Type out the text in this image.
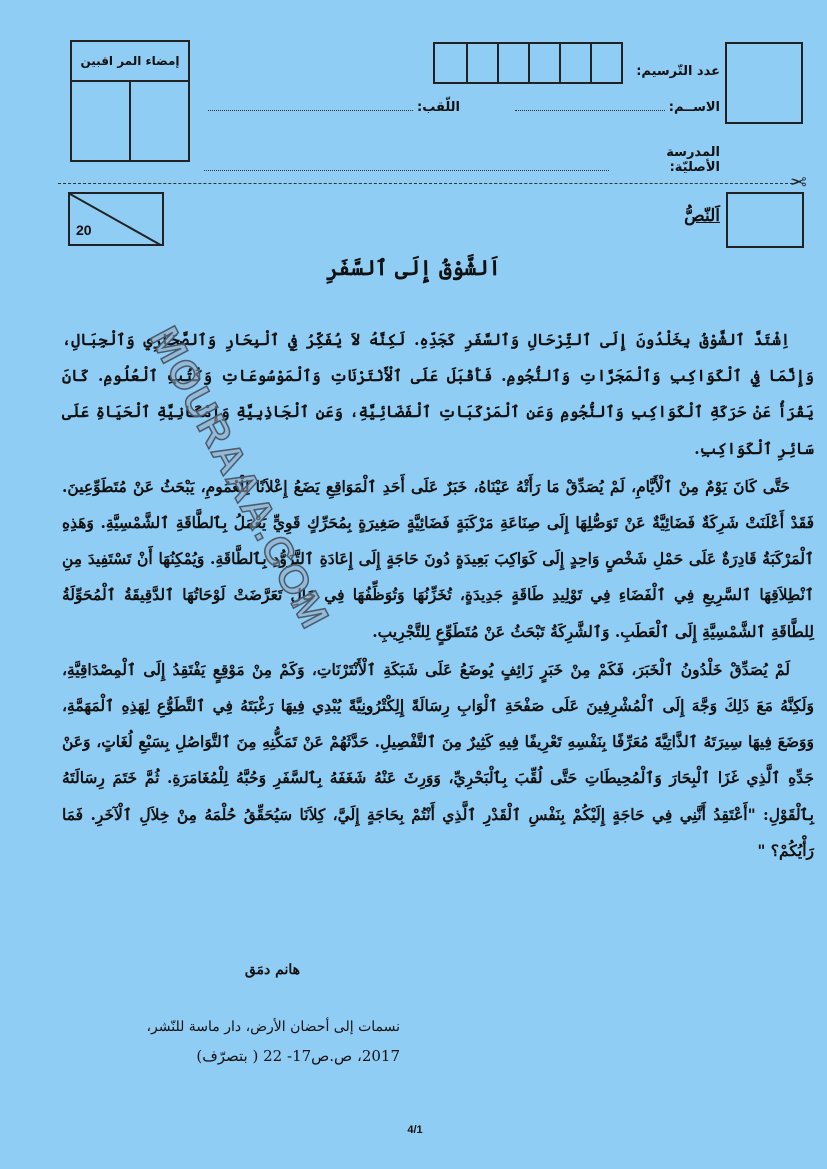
عدد التّرسيم:
الاســم:
اللّقب:
المدرسة الأصليّة:
إمضاء المر اقبين
✂
20
اَلنّصُّ
اَلشَّوْقُ إِلَى ٱلسَّفَرِ

اِشْتَدَّ ٱلشَّوْقُ بِخَلْدُونَ إِلَى ٱلتِّرْحَالِ وَٱلسَّفَرِ كَجَدِّهِ. لَكِنَّهُ لاَ يُفَكِّرُ فِي ٱلْبِحَارِ وَٱلصَّحَارِي وَٱلْجِبَالِ، وَإِنَّمَا فِي ٱلْكَوَاكِبِ وَٱلْمَجَرَّاتِ وَٱلنُّجُومِ. فَأَقْبَلَ عَلَى ٱلْأَنْتَرْنَاتِ وَٱلْمَوْسُوعَاتِ وَكُتُبِ ٱلْعُلُومِ. كَانَ يَقْرَأُ عَنْ حَرَكَةِ ٱلْكَوَاكِبِ وَٱلنُّجُومِ وَعَنِ ٱلْمَرْكَبَاتِ ٱلْفَضَائِيَّةِ، وَعَنِ ٱلْجَاذِبِيَّةِ وَإِمْكَانِيَّةِ ٱلْحَيَاةِ عَلَى سَائِرِ ٱلْكَوَاكِبِ.

حَتَّى كَانَ يَوْمٌ مِنْ ٱلْأَيَّامِ، لَمْ يُصَدِّقْ مَا رَأَتْهُ عَيْنَاهُ، خَبَرٌ عَلَى أَحَدِ ٱلْمَوَاقِعِ يَضَعُ إِعْلاَنًا لِلْعُمُومِ، يَبْحَثُ عَنْ مُتَطَوِّعِينَ. فَقَدْ أَعْلَنَتْ شَرِكَةٌ فَضَائِيَّةٌ عَنْ تَوَصُّلِهَا إِلَى صِنَاعَةِ مَرْكَبَةٍ فَضَائِيَّةٍ صَغِيرَةٍ بِمُحَرِّكٍ قَوِيٍّ يَعْمَلُ بِٱلطَّاقَةِ ٱلشَّمْسِيَّةِ. وَهَذِهِ ٱلْمَرْكَبَةُ قَادِرَةٌ عَلَى حَمْلِ شَخْصٍ وَاحِدٍ إِلَى كَوَاكِبَ بَعِيدَةٍ دُونَ حَاجَةٍ إِلَى إِعَادَةِ ٱلتَّزَوُّدِ بِٱلطَّاقَةِ. وَيُمْكِنُهَا أَنْ تَسْتَفِيدَ مِنِ ٱنْطِلاَقِهَا ٱلسَّرِيعِ فِي ٱلْفَضَاءِ فِي تَوْلِيدِ طَاقَةٍ جَدِيدَةٍ، تُخَزِّنُهَا وَتُوَظِّفُهَا فِي حَالِ تَعَرَّضَتْ لَوْحَاتُهَا ٱلدَّقِيقَةُ ٱلْمُحَوِّلَةُ لِلطَّاقَةِ ٱلشَّمْسِيَّةِ إِلَى ٱلْعَطَبِ. وَٱلشَّرِكَةُ تَبْحَثُ عَنْ مُتَطَوِّعٍ لِلتَّجْرِيبِ.

لَمْ يُصَدِّقْ خَلْدُونُ ٱلْخَبَرَ، فَكَمْ مِنْ خَبَرٍ زَائِفٍ يُوضَعُ عَلَى شَبَكَةِ ٱلْأَنْتَرْنَاتِ، وَكَمْ مِنْ مَوْقِعٍ يَفْتَقِدُ إِلَى ٱلْمِصْدَاقِيَّةِ، وَلَكِنَّهُ مَعَ ذَلِكَ وَجَّهَ إِلَى ٱلْمُشْرِفِينَ عَلَى صَفْحَةِ ٱلْوَابِ رِسَالَةً إِلِكْتْرُونِيَّةً يُبْدِي فِيهَا رَغْبَتَهُ فِي ٱلتَّطَوُّعِ لِهَذِهِ ٱلْمَهَمَّةِ، وَوَضَعَ فِيهَا سِيرَتَهُ ٱلذَّاتِيَّةَ مُعَرِّفًا بِنَفْسِهِ تَعْرِيفًا فِيهِ كَثِيرٌ مِنَ ٱلتَّفْصِيلِ. حَدَّثَهُمْ عَنْ تَمَكُّنِهِ مِنَ ٱلتَّوَاصُلِ بِسَبْعِ لُغَاتٍ، وَعَنْ جَدِّهِ ٱلَّذِي غَزَا ٱلْبِحَارَ وَٱلْمُحِيطَاتِ حَتَّى لُقِّبَ بِٱلْبَحْرِيِّ، وَوَرِثَ عَنْهُ شَغَفَهُ بِٱلسَّفَرِ وَحُبَّهُ لِلْمُغَامَرَةِ. ثُمَّ خَتَمَ رِسَالَتَهُ بِٱلْقَوْلِ: "أَعْتَقِدُ أَنَّنِي فِي حَاجَةٍ إِلَيْكُمْ بِنَفْسِ ٱلْقَدْرِ ٱلَّذِي أَنْتُمْ بِحَاجَةٍ إِلَيَّ، كِلاَنَا سَيُحَقِّقُ حُلْمَهُ مِنْ خِلاَلِ ٱلْآخَرِ. فَمَا رَأْيُكُمْ؟ "

MOURAAA.COM
هانم دمَق
نسمات إلى أحضان الأرض، دار ماسة للنّشر،
2017، ص.ص17- 22 ( بتصرّف)
4/1
